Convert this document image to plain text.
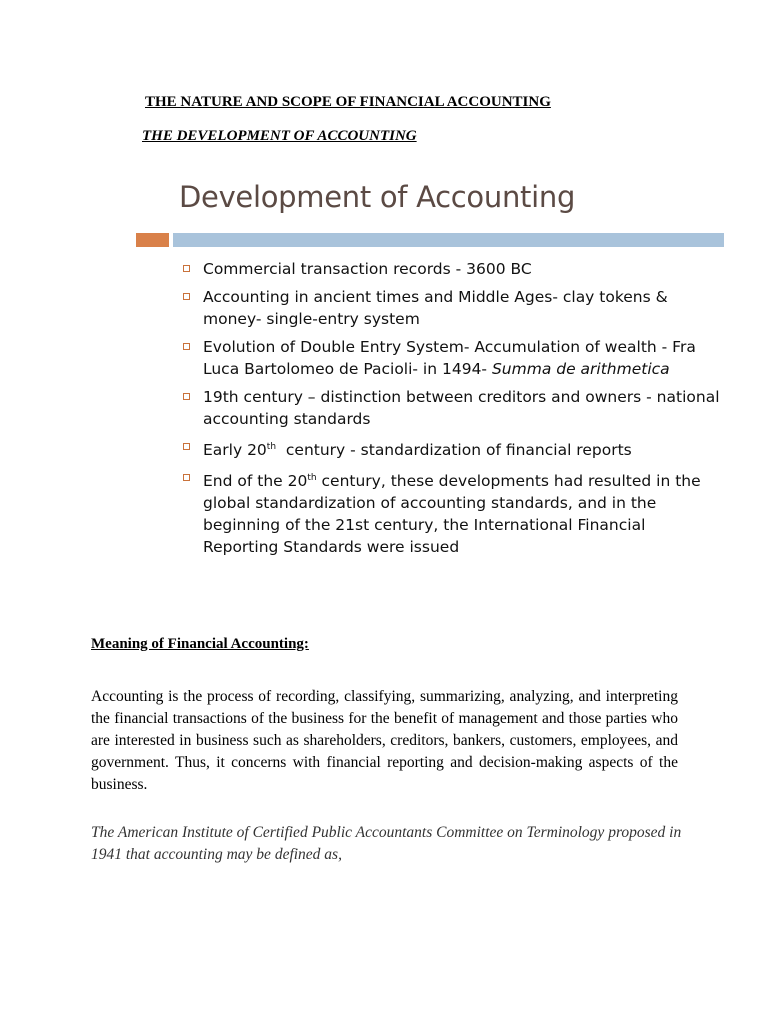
THE NATURE AND SCOPE OF FINANCIAL ACCOUNTING
THE DEVELOPMENT OF ACCOUNTING
Development of Accounting
Commercial transaction records - 3600 BC
Accounting in ancient times and Middle Ages- clay tokens & money- single-entry system
Evolution of Double Entry System- Accumulation of wealth - Fra Luca Bartolomeo de Pacioli- in 1494- Summa de arithmetica
19th century – distinction between creditors and owners - national accounting standards
Early 20th  century - standardization of financial reports
End of the 20th century, these developments had resulted in the global standardization of accounting standards, and in the beginning of the 21st century, the International Financial Reporting Standards were issued
Meaning of Financial Accounting:

Accounting is the process of recording, classifying, summarizing, analyzing, and interpreting the financial transactions of the business for the benefit of management and those parties who are interested in business such as shareholders, creditors, bankers, customers, employees, and government. Thus, it concerns with financial reporting and decision-making aspects of the business.

The American Institute of Certified Public Accountants Committee on Terminology proposed in 1941 that accounting may be defined as,
